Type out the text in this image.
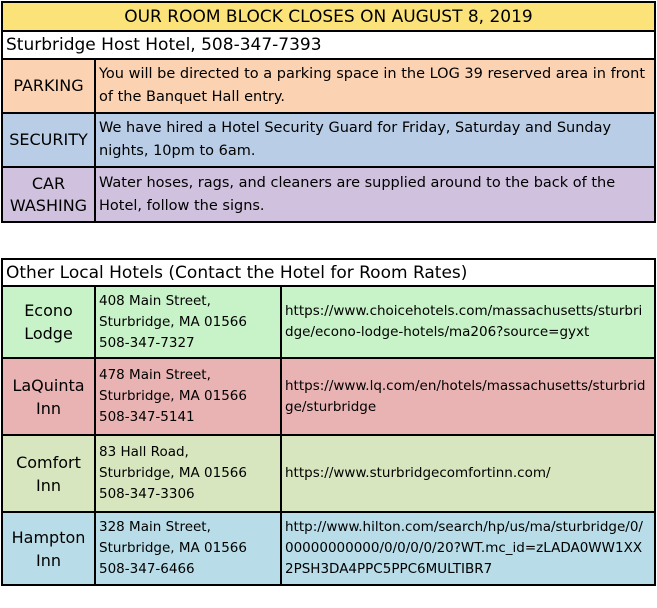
OUR ROOM BLOCK CLOSES ON AUGUST 8, 2019	
Sturbridge Host Hotel, 508-347-7393	

PARKING	You will be directed to a parking space in the LOG 39 reserved area in front of the Banquet Hall entry.

SECURITY	We have hired a Hotel Security Guard for Friday, Saturday and Sunday nights, 10pm to 6am.

CAR
WASHING	Water hoses, rags, and cleaners are supplied around to the back of the Hotel, follow the signs.
Other Local Hotels (Contact the Hotel for Room Rates)		

Econo
Lodge	408 Main Street,
Sturbridge, MA 01566
508-347-7327	https://www.choicehotels.com/massachusetts/sturbridge/econo-lodge-hotels/ma206?source=gyxt

LaQuinta
Inn	478 Main Street,
Sturbridge, MA 01566
508-347-5141	https://www.lq.com/en/hotels/massachusetts/sturbridge/sturbridge

Comfort
Inn	83 Hall Road,
Sturbridge, MA 01566
508-347-3306	https://www.sturbridgecomfortinn.com/

Hampton
Inn	328 Main Street,
Sturbridge, MA 01566
508-347-6466	http://www.hilton.com/search/hp/us/ma/sturbridge/0/00000000000/0/0/0/0/20?WT.mc_id=zLADA0WW1XX2PSH3DA4PPC5PPC6MULTIBR7
